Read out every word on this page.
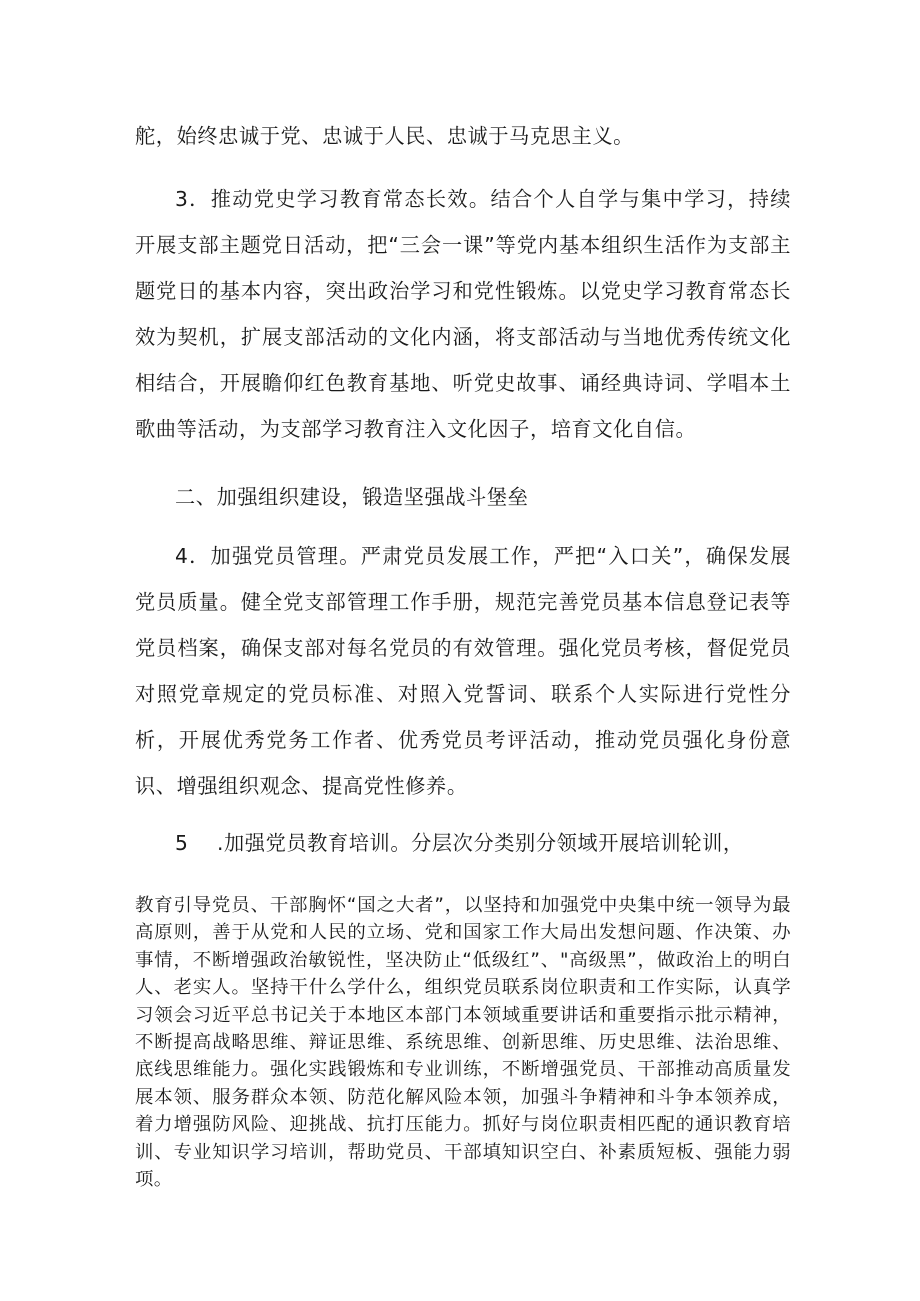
舵，始终忠诚于党、忠诚于人民、忠诚于马克思主义。

3．推动党史学习教育常态长效。结合个人自学与集中学习，持续开展支部主题党日活动，把“三会一课”等党内基本组织生活作为支部主题党日的基本内容，突出政治学习和党性锻炼。以党史学习教育常态长效为契机，扩展支部活动的文化内涵，将支部活动与当地优秀传统文化相结合，开展瞻仰红色教育基地、听党史故事、诵经典诗词、学唱本土歌曲等活动，为支部学习教育注入文化因子，培育文化自信。

二、加强组织建设，锻造坚强战斗堡垒

4．加强党员管理。严肃党员发展工作，严把“入口关”，确保发展党员质量。健全党支部管理工作手册，规范完善党员基本信息登记表等党员档案，确保支部对每名党员的有效管理。强化党员考核，督促党员对照党章规定的党员标准、对照入党誓词、联系个人实际进行党性分析，开展优秀党务工作者、优秀党员考评活动，推动党员强化身份意识、增强组织观念、提高党性修养。

5 .加强党员教育培训。分层次分类别分领域开展培训轮训，

教育引导党员、干部胸怀“国之大者”，以坚持和加强党中央集中统一领导为最高原则，善于从党和人民的立场、党和国家工作大局出发想问题、作决策、办事情，不断增强政治敏锐性，坚决防止“低级红”、"高级黑”，做政治上的明白人、老实人。坚持干什么学什么，组织党员联系岗位职责和工作实际，认真学习领会习近平总书记关于本地区本部门本领域重要讲话和重要指示批示精神，不断提高战略思维、辩证思维、系统思维、创新思维、历史思维、法治思维、底线思维能力。强化实践锻炼和专业训练，不断增强党员、干部推动高质量发展本领、服务群众本领、防范化解风险本领，加强斗争精神和斗争本领养成，着力增强防风险、迎挑战、抗打压能力。抓好与岗位职责相匹配的通识教育培训、专业知识学习培训，帮助党员、干部填知识空白、补素质短板、强能力弱项。
